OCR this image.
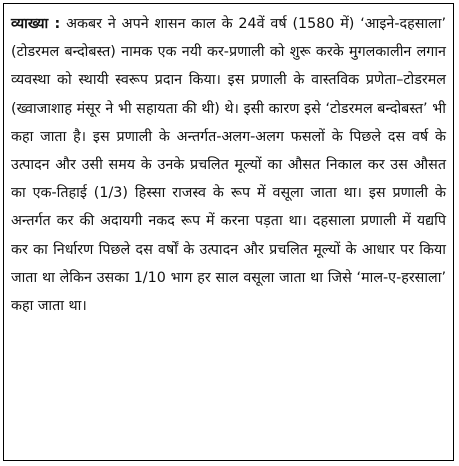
व्याख्या : अकबर ने अपने शासन काल के 24वें वर्ष (1580 में) ‘आइने-दहसाला’ (टोडरमल बन्दोबस्त) नामक एक नयी कर-प्रणाली को शुरू करके मुगलकालीन लगान व्यवस्था को स्थायी स्वरूप प्रदान किया। इस प्रणाली के वास्तविक प्रणेता–टोडरमल (ख्वाजाशाह मंसूर ने भी सहायता की थी) थे। इसी कारण इसे ‘टोडरमल बन्दोबस्त’ भी कहा जाता है। इस प्रणाली के अन्तर्गत-अलग-अलग फसलों के पिछले दस वर्ष के उत्पादन और उसी समय के उनके प्रचलित मूल्यों का औसत निकाल कर उस औसत का एक-तिहाई (1/3) हिस्सा राजस्व के रूप में वसूला जाता था। इस प्रणाली के अन्तर्गत कर की अदायगी नकद रूप में करना पड़ता था। दहसाला प्रणाली में यद्यपि कर का निर्धारण पिछले दस वर्षों के उत्पादन और प्रचलित मूल्यों के आधार पर किया जाता था लेकिन उसका 1/10 भाग हर साल वसूला जाता था जिसे ‘माल-ए-हरसाला’ कहा जाता था।
